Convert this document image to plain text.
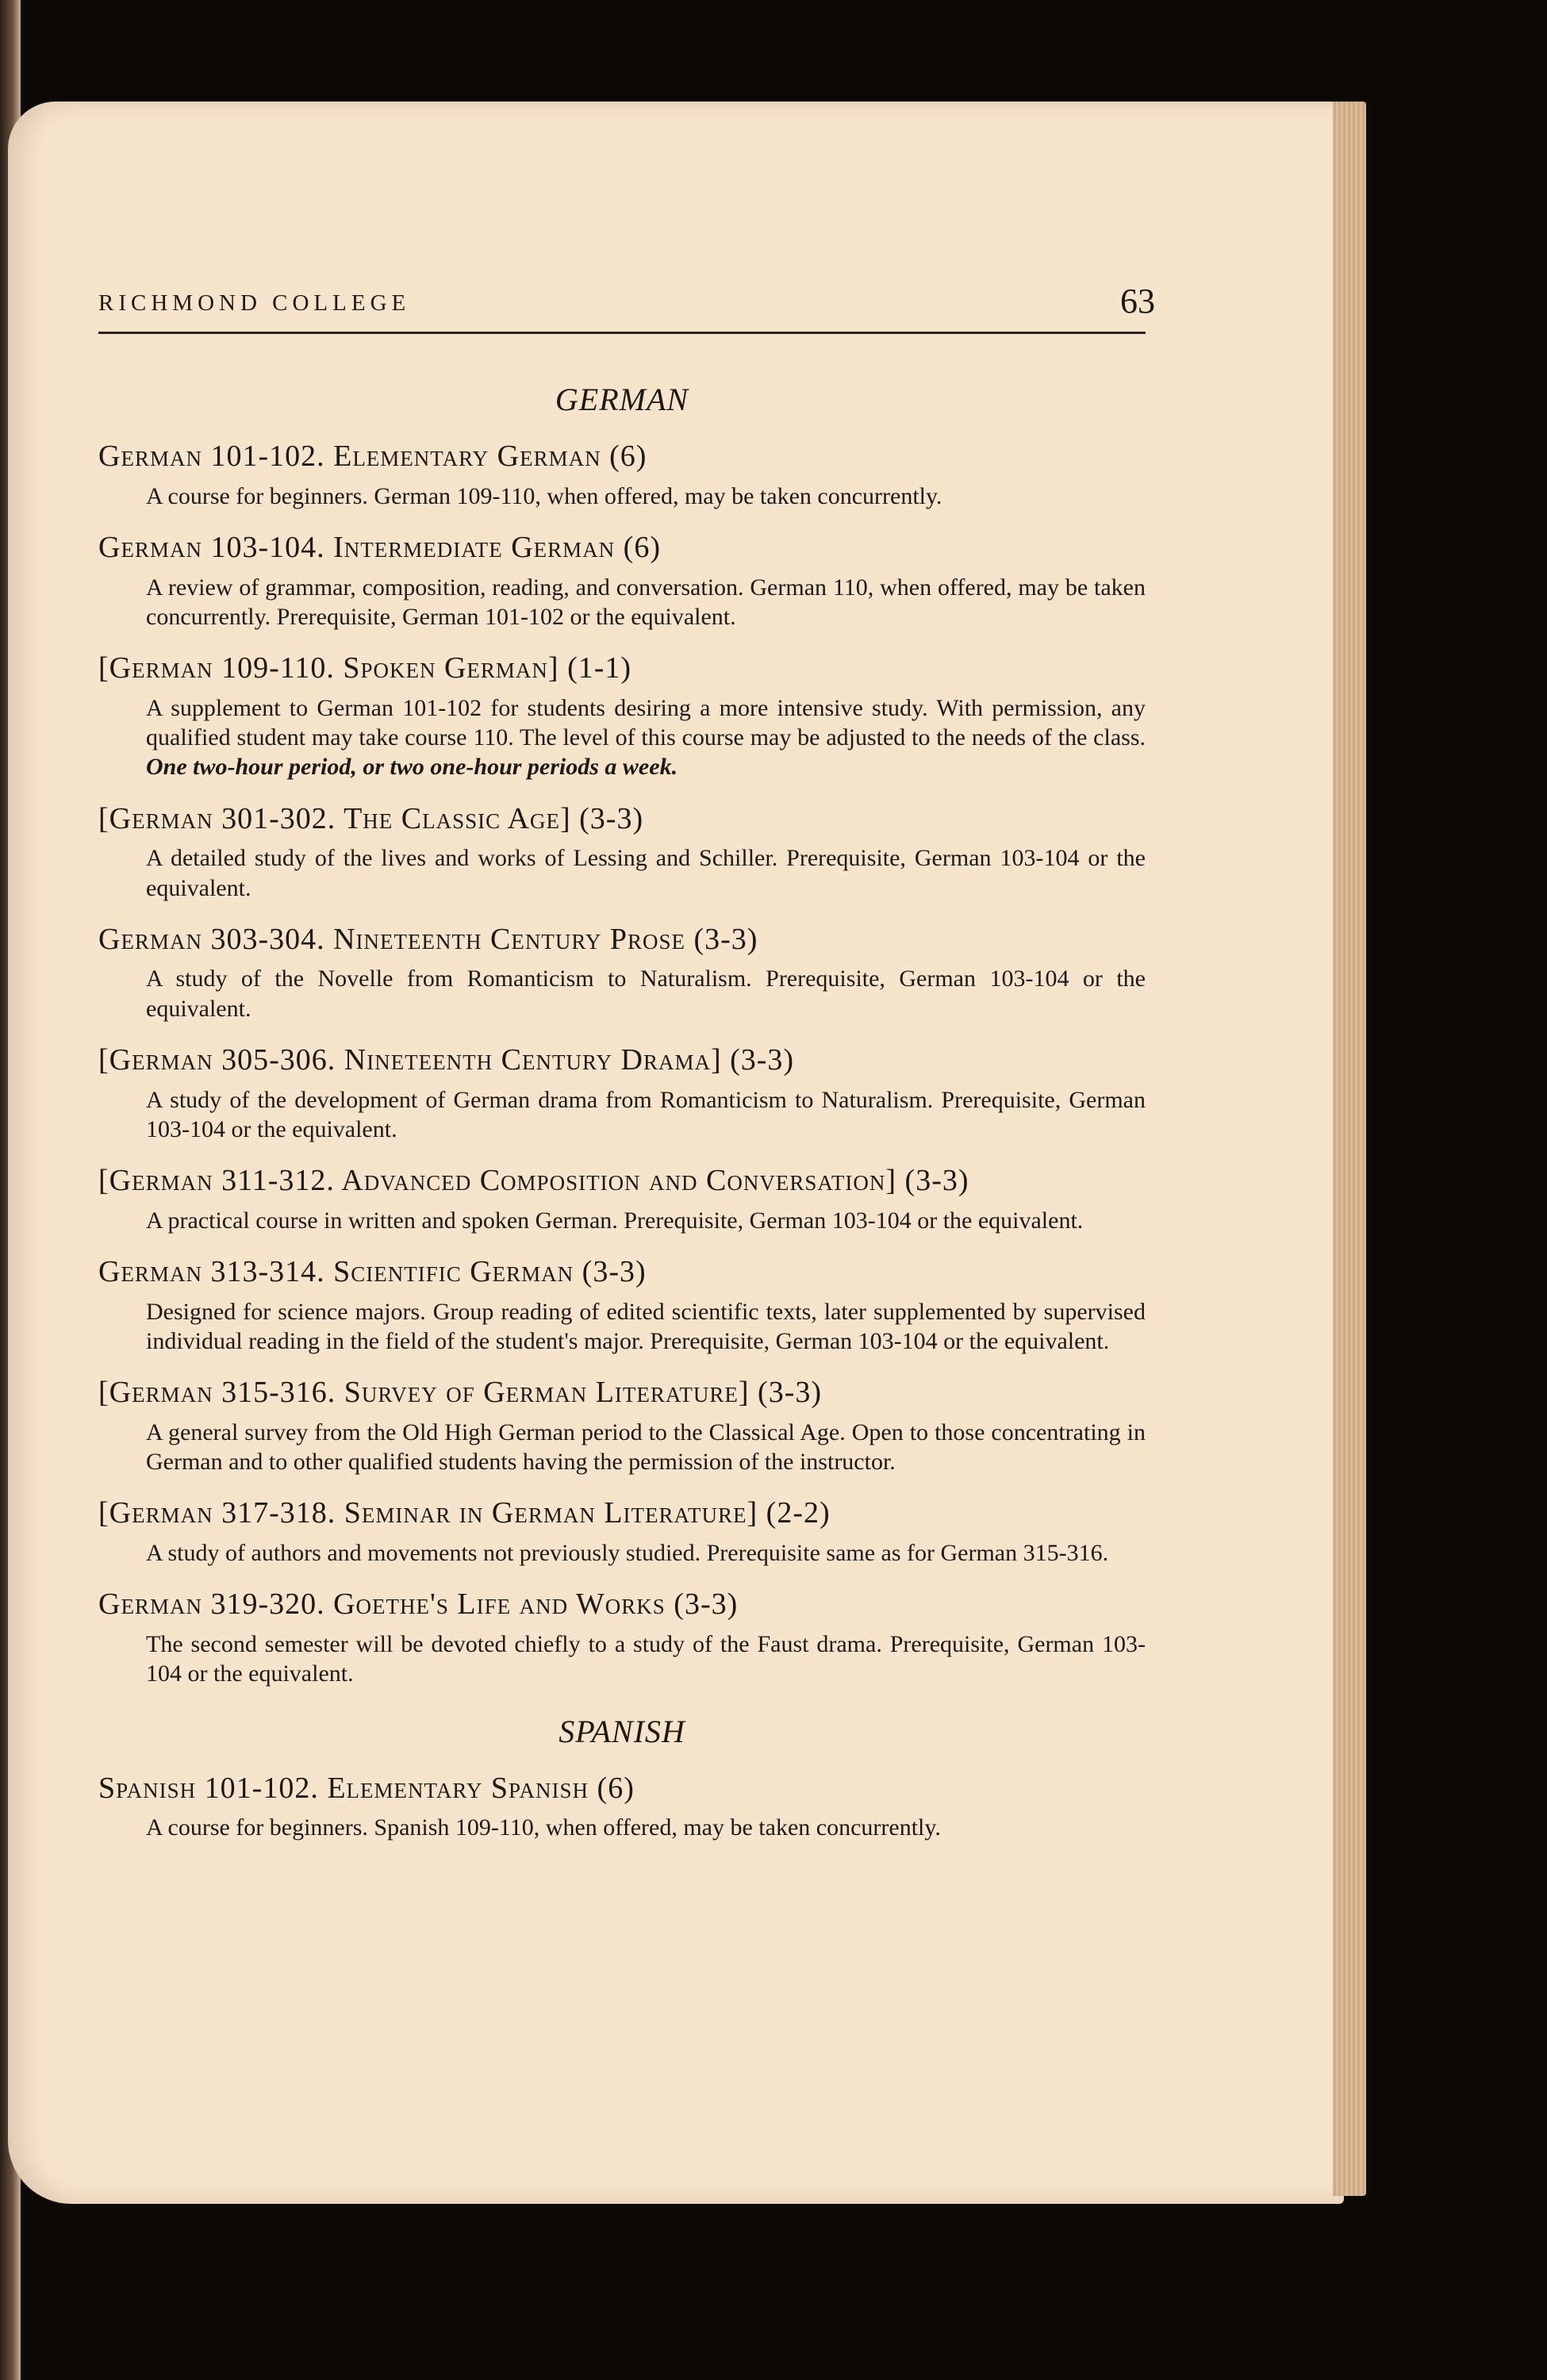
RICHMOND COLLEGE	63
GERMAN
German 101-102. Elementary German (6)
A course for beginners. German 109-110, when offered, may be taken concurrently.
German 103-104. Intermediate German (6)
A review of grammar, composition, reading, and conversation. German 110, when offered, may be taken concurrently. Prerequisite, German 101-102 or the equivalent.
[German 109-110. Spoken German] (1-1)
A supplement to German 101-102 for students desiring a more intensive study. With permission, any qualified student may take course 110. The level of this course may be adjusted to the needs of the class. One two-hour period, or two one-hour periods a week.
[German 301-302. The Classic Age] (3-3)
A detailed study of the lives and works of Lessing and Schiller. Prerequisite, German 103-104 or the equivalent.
German 303-304. Nineteenth Century Prose (3-3)
A study of the Novelle from Romanticism to Naturalism. Prerequisite, German 103-104 or the equivalent.
[German 305-306. Nineteenth Century Drama] (3-3)
A study of the development of German drama from Romanticism to Naturalism. Prerequisite, German 103-104 or the equivalent.
[German 311-312. Advanced Composition and Conversation] (3-3)
A practical course in written and spoken German. Prerequisite, German 103-104 or the equivalent.
German 313-314. Scientific German (3-3)
Designed for science majors. Group reading of edited scientific texts, later supplemented by supervised individual reading in the field of the student's major. Prerequisite, German 103-104 or the equivalent.
[German 315-316. Survey of German Literature] (3-3)
A general survey from the Old High German period to the Classical Age. Open to those concentrating in German and to other qualified students having the permission of the instructor.
[German 317-318. Seminar in German Literature] (2-2)
A study of authors and movements not previously studied. Prerequisite same as for German 315-316.
German 319-320. Goethe's Life and Works (3-3)
The second semester will be devoted chiefly to a study of the Faust drama. Prerequisite, German 103-104 or the equivalent.
SPANISH
Spanish 101-102. Elementary Spanish (6)
A course for beginners. Spanish 109-110, when offered, may be taken concurrently.
